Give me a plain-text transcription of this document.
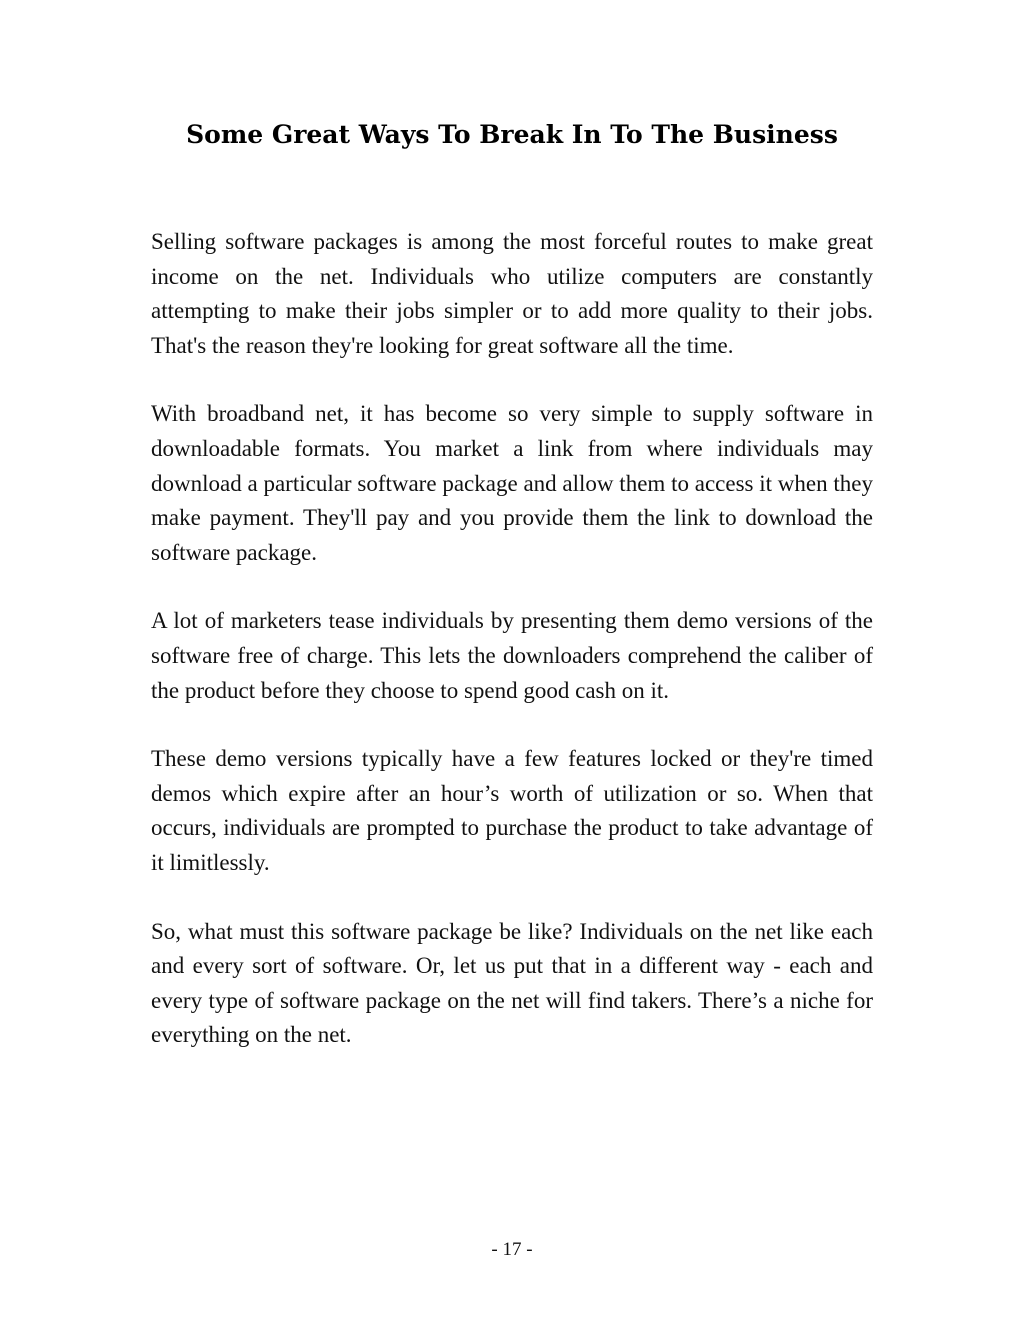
Some Great Ways To Break In To The Business

Selling software packages is among the most forceful routes to make great income on the net. Individuals who utilize computers are constantly attempting to make their jobs simpler or to add more quality to their jobs. That's the reason they're looking for great software all the time.

With broadband net, it has become so very simple to supply software in downloadable formats. You market a link from where individuals may download a particular software package and allow them to access it when they make payment. They'll pay and you provide them the link to download the software package.

A lot of marketers tease individuals by presenting them demo versions of the software free of charge. This lets the downloaders comprehend the caliber of the product before they choose to spend good cash on it.

These demo versions typically have a few features locked or they're timed demos which expire after an hour’s worth of utilization or so. When that occurs, individuals are prompted to purchase the product to take advantage of it limitlessly.

So, what must this software package be like? Individuals on the net like each and every sort of software. Or, let us put that in a different way - each and every type of software package on the net will find takers. There’s a niche for everything on the net.

- 17 -
